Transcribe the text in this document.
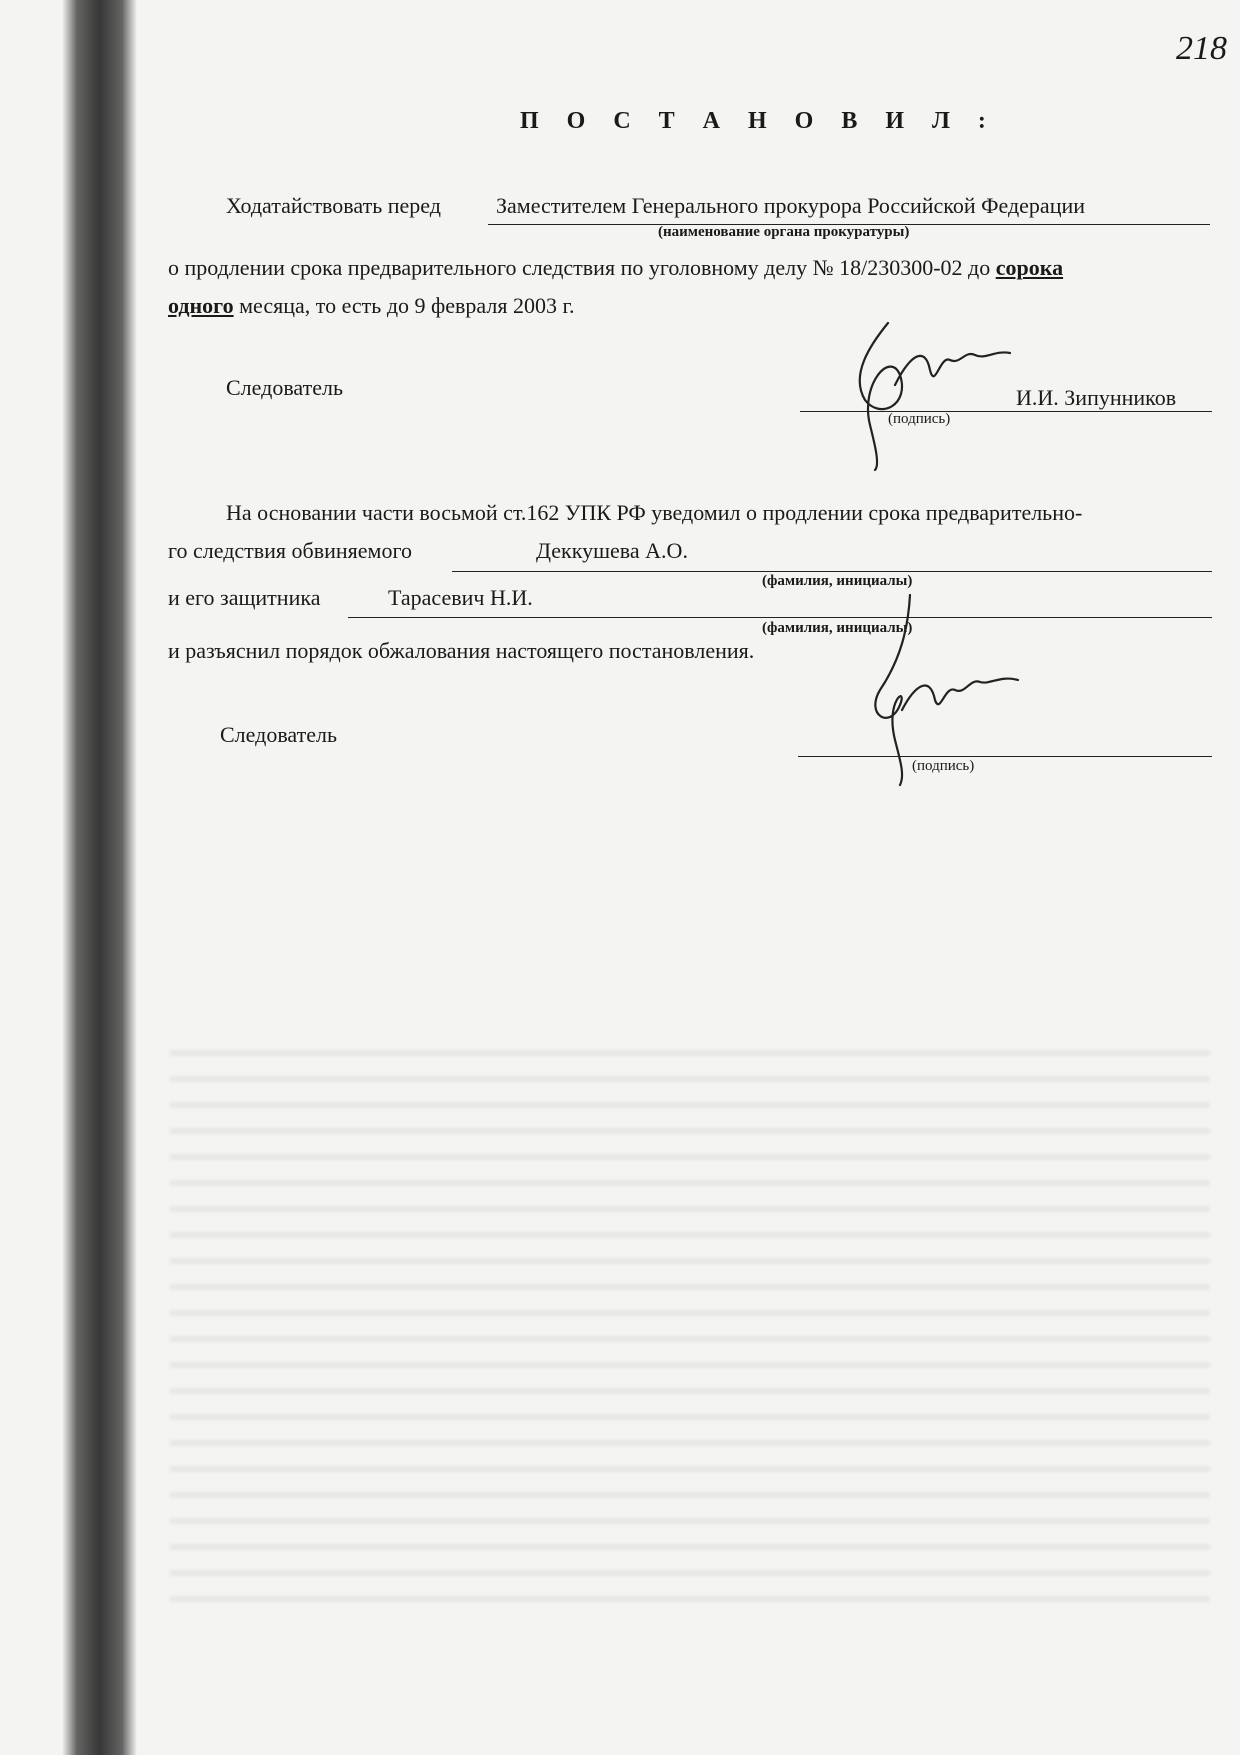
218
П О С Т А Н О В И Л :
Ходатайствовать перед	Заместителем Генерального прокурора Российской Федерации
(наименование органа прокуратуры)
о продлении срока предварительного следствия по уголовному делу № 18/230300-02 до сорока
одного месяца, то есть до 9 февраля 2003 г.
Следователь
(подпись)
И.И. Зипунников
На основании части восьмой ст.162 УПК РФ уведомил о продлении срока предварительно-
го следствия обвиняемого	Деккушева А.О.
(фамилия, инициалы)
и его защитника	Тарасевич Н.И.
(фамилия, инициалы)
и разъяснил порядок обжалования настоящего постановления.
Следователь
(подпись)
